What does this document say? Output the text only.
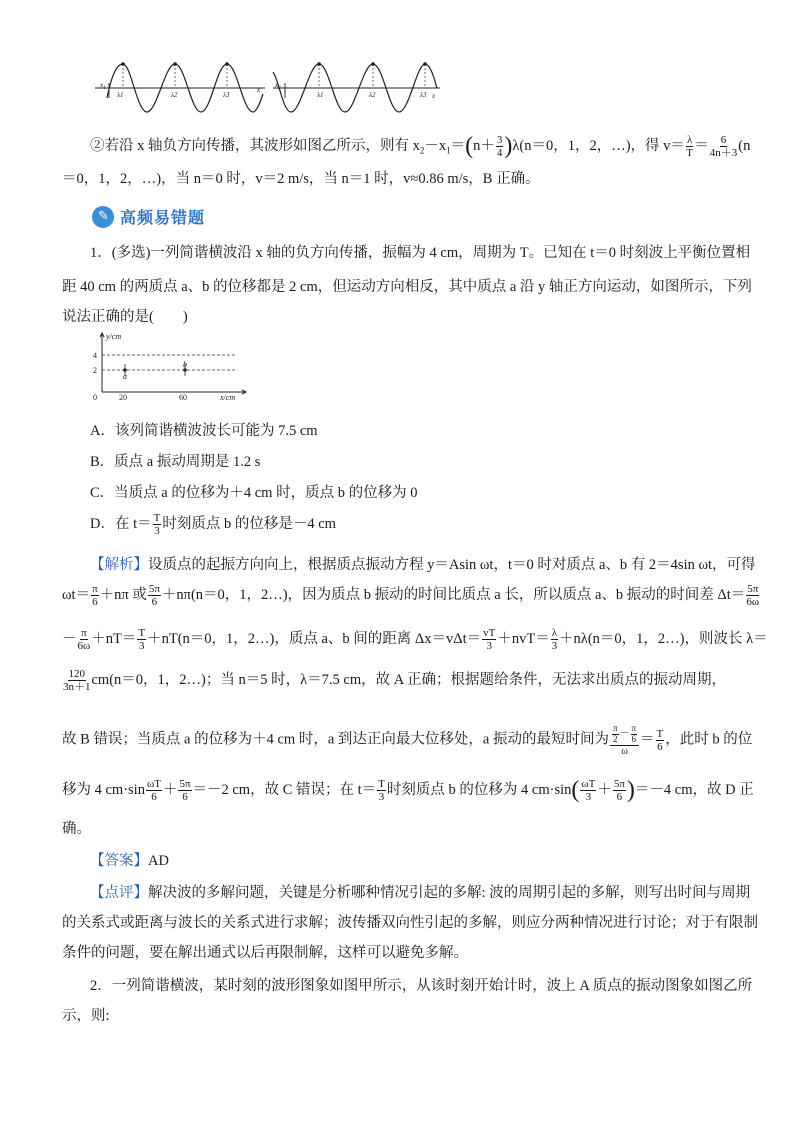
$x_1$	$x_2$
λ1	λ2	λ3	λ1	λ2	λ3
x
x
②若沿 x 轴负方向传播，其波形如图乙所示，则有 $x_2-x_1=(n+ \frac{3}{4} )\lambda(n=0$，1，2，…)，得 $v= \frac{\lambda}{T} = \frac{6}{4n+3} (n$
＝0，1，2，…)，当 n＝0 时，v＝2 m/s，当 n＝1 时，v≈0.86 m/s，B 正确。
✎ 高频易错题
1．(多选)一列简谐横波沿 x 轴的负方向传播，振幅为 4 cm，周期为 T。已知在 t＝0 时刻波上平衡位置相
距 40 cm 的两质点 a、b 的位移都是 2 cm，但运动方向相反，其中质点 a 沿 y 轴正方向运动，如图所示，下列
说法正确的是(　　)
y/cm
x/cm
4
2
0	20	60
a
b
A．该列简谐横波波长可能为 7.5 cm
B．质点 a 振动周期是 1.2 s
C．当质点 a 的位移为＋4 cm 时，质点 b 的位移为 0
D．在 $t= \frac{T}{3}$ 时刻质点 b 的位移是－4 cm
【解析】设质点的起振方向向上，根据质点振动方程 y＝Asin ωt，t＝0 时对质点 a、b 有 2＝4sin ωt，可得
$\omega t= \frac{\pi}{6} +n\pi$ 或 $\frac{5\pi}{6} +n\pi(n=0$，1，2…)，因为质点 b 振动的时间比质点 a 长，所以质点 a、b 振动的时间差 $\Delta t= \frac{5\pi}{6\omega}$
－ $\frac{\pi}{6\omega} +nT= \frac{T}{3} +nT(n=0$，1，2…)，质点 a、b 间的距离 $\Delta x=v\Delta t= \frac{vT}{3} +nvT= \frac{\lambda}{3} +n\lambda(n=0$，1，2…)，则波长 λ＝
$\frac{120}{3n+1} cm(n=0$，1，2…)；当 n＝5 时，λ＝7.5 cm，故 A 正确；根据题给条件，无法求出质点的振动周期，
故 B 错误；当质点 a 的位移为＋4 cm 时，a 到达正向最大位移处，a 振动的最短时间为 $\frac{\frac{\pi}{2} - \frac{\pi}{6}}{\omega} = \frac{T}{6}$ ，此时 b 的位
移为 4 $cm\cdot\sin \frac{\omega T}{6} + \frac{5\pi}{6} =-2$ cm，故 C 错误；在 $t= \frac{T}{3}$ 时刻质点 b 的位移为 4 $cm\cdot\sin( \frac{\omega T}{3} + \frac{5\pi}{6} )=-4$ cm，故 D 正
确。
【答案】AD
【点评】解决波的多解问题，关键是分析哪种情况引起的多解: 波的周期引起的多解，则写出时间与周期
的关系式或距离与波长的关系式进行求解；波传播双向性引起的多解，则应分两种情况进行讨论；对于有限制
条件的问题，要在解出通式以后再限制解，这样可以避免多解。
2．一列简谐横波，某时刻的波形图象如图甲所示，从该时刻开始计时，波上 A 质点的振动图象如图乙所
示，则:
